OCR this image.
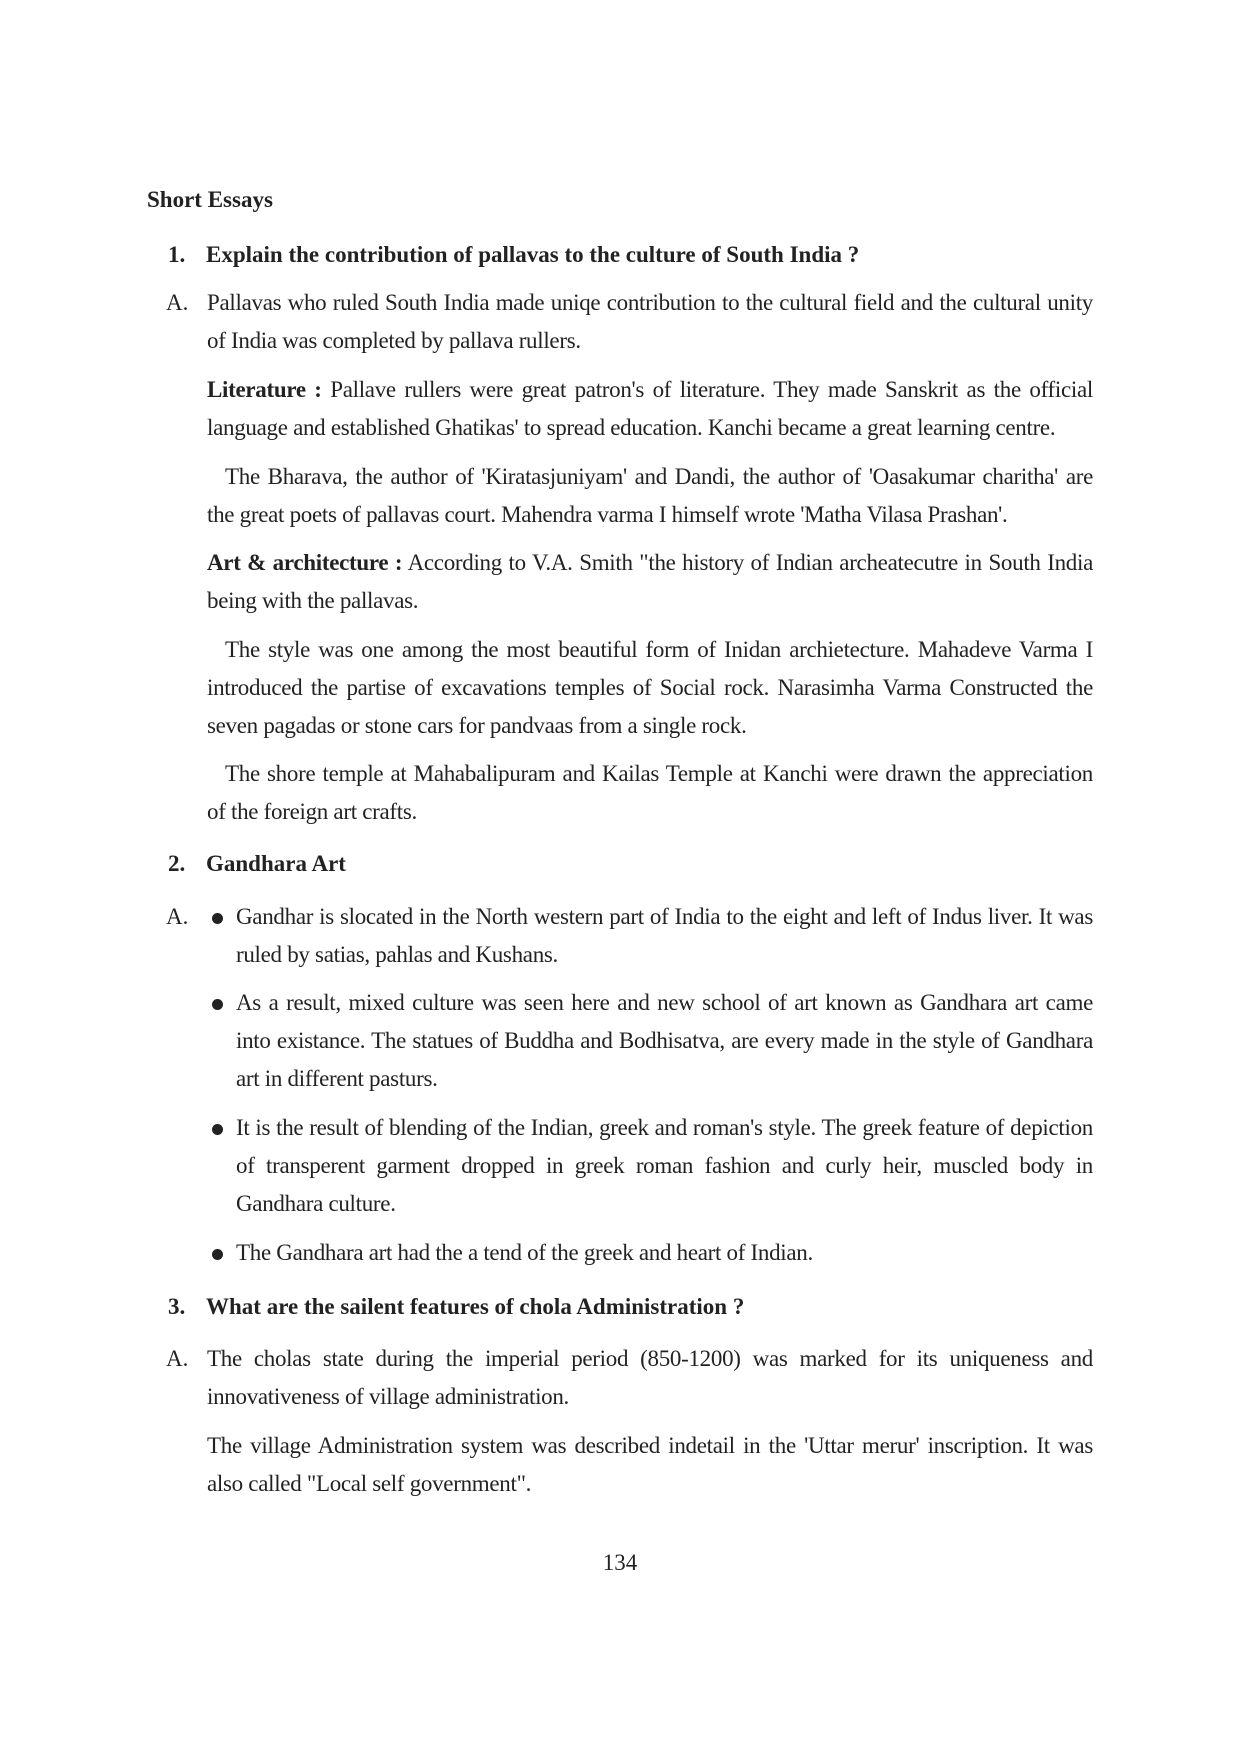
Short Essays
1. Explain the contribution of pallavas to the culture of South India ?
A. Pallavas who ruled South India made uniqe contribution to the cultural field and the cultural unity of India was completed by pallava rullers.

Literature : Pallave rullers were great patron's of literature. They made Sanskrit as the official language and established Ghatikas' to spread education. Kanchi became a great learning centre.

The Bharava, the author of 'Kiratasjuniyam' and Dandi, the author of 'Oasakumar charitha' are the great poets of pallavas court. Mahendra varma I himself wrote 'Matha Vilasa Prashan'.

Art & architecture : According to V.A. Smith "the history of Indian archeatecutre in South India being with the pallavas.

The style was one among the most beautiful form of Inidan archietecture. Mahadeve Varma I introduced the partise of excavations temples of Social rock. Narasimha Varma Constructed the seven pagadas or stone cars for pandvaas from a single rock.

The shore temple at Mahabalipuram and Kailas Temple at Kanchi were drawn the appreciation of the foreign art crafts.

2. Gandhara Art
A. Gandhar is slocated in the North western part of India to the eight and left of Indus liver. It was ruled by satias, pahlas and Kushans.

As a result, mixed culture was seen here and new school of art known as Gandhara art came into existance. The statues of Buddha and Bodhisatva, are every made in the style of Gandhara art in different pasturs.

It is the result of blending of the Indian, greek and roman's style. The greek feature of depiction of transperent garment dropped in greek roman fashion and curly heir, muscled body in Gandhara culture.

The Gandhara art had the a tend of the greek and heart of Indian.

3. What are the sailent features of chola Administration ?
A. The cholas state during the imperial period (850-1200) was marked for its uniqueness and innovativeness of village administration.

The village Administration system was described indetail in the 'Uttar merur' inscription. It was also called "Local self government".

134
